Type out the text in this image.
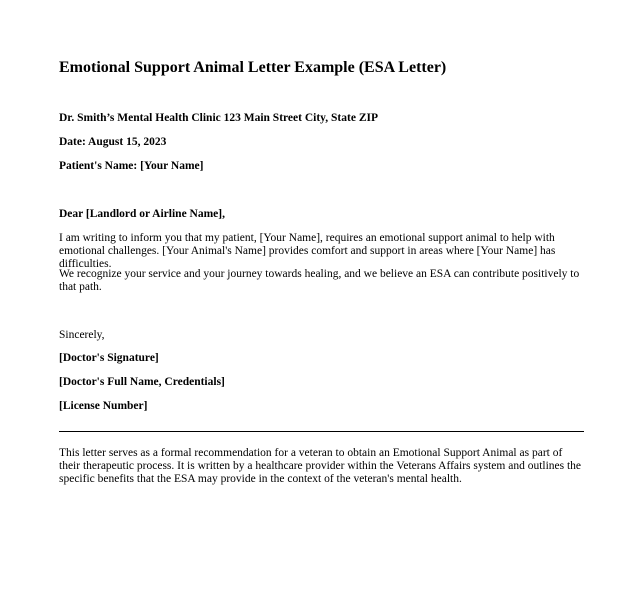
Emotional Support Animal Letter Example (ESA Letter)

Dr. Smith’s Mental Health Clinic 123 Main Street City, State ZIP

Date: August 15, 2023

Patient's Name: [Your Name]

Dear [Landlord or Airline Name],

I am writing to inform you that my patient, [Your Name], requires an emotional support animal to help with emotional challenges. [Your Animal's Name] provides comfort and support in areas where [Your Name] has difficulties.

We recognize your service and your journey towards healing, and we believe an ESA can contribute positively to that path.

Sincerely,

[Doctor's Signature]

[Doctor's Full Name, Credentials]

[License Number]

This letter serves as a formal recommendation for a veteran to obtain an Emotional Support Animal as part of their therapeutic process. It is written by a healthcare provider within the Veterans Affairs system and outlines the specific benefits that the ESA may provide in the context of the veteran's mental health.
